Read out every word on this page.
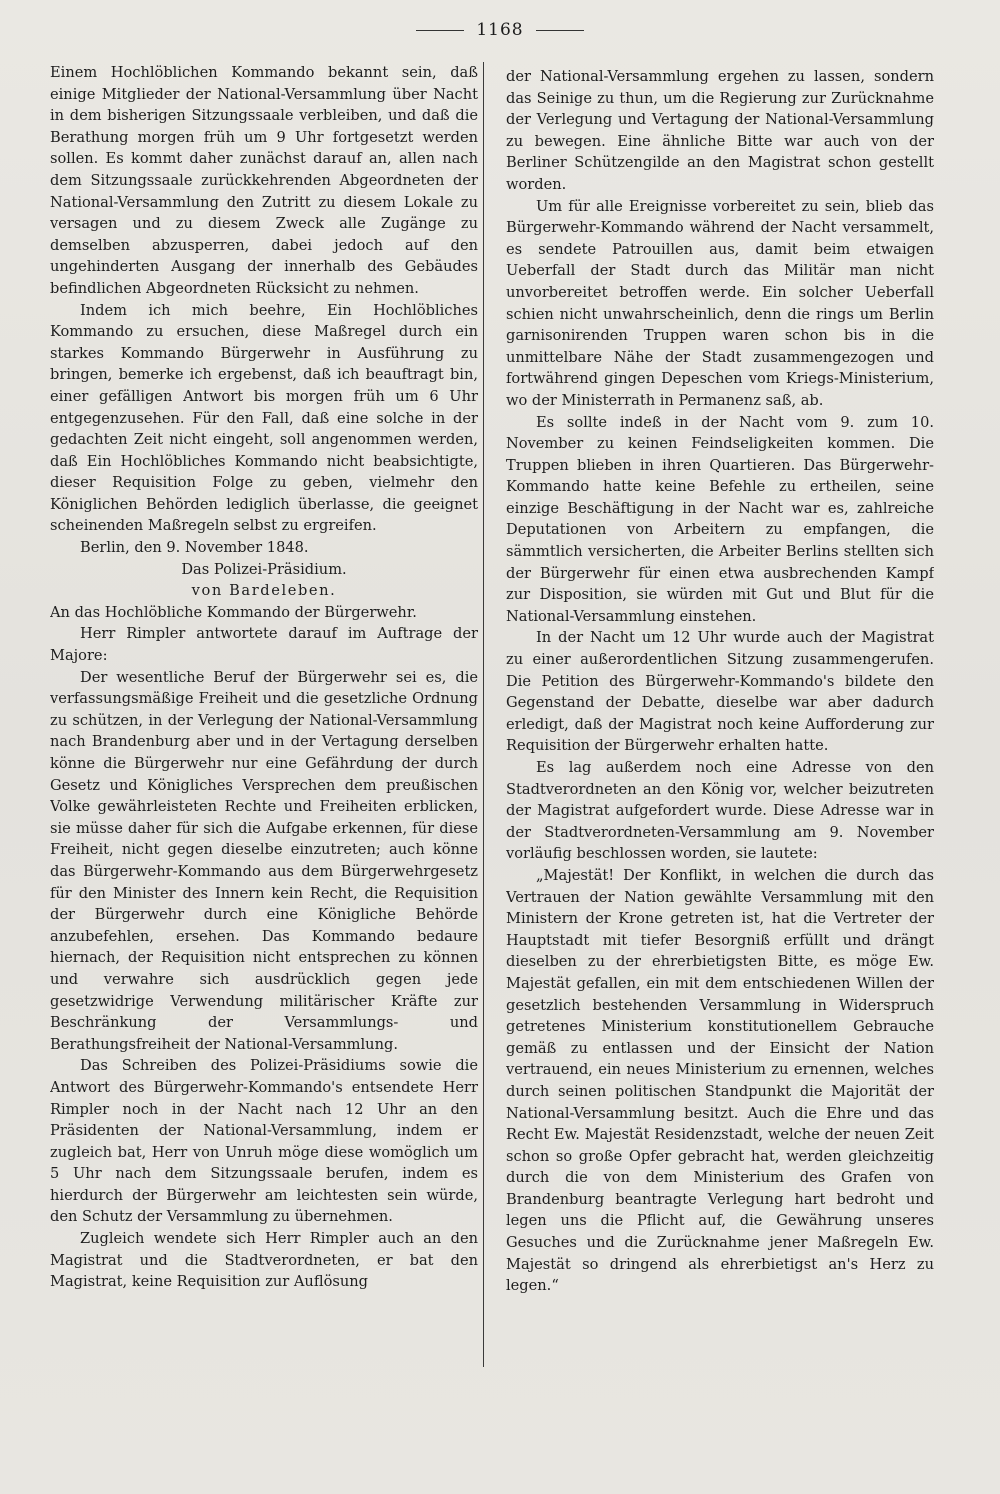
1168

Einem Hochlöblichen Kommando bekannt sein, daß einige Mitglieder der National-Versammlung über Nacht in dem bisherigen Sitzungssaale verbleiben, und daß die Berathung morgen früh um 9 Uhr fortgesetzt werden sollen. Es kommt daher zunächst darauf an, allen nach dem Sitzungssaale zurückkehrenden Abgeordneten der National-Versammlung den Zutritt zu diesem Lokale zu versagen und zu diesem Zweck alle Zugänge zu demselben abzusperren, dabei jedoch auf den ungehinderten Ausgang der innerhalb des Gebäudes befindlichen Abgeordneten Rücksicht zu nehmen.

Indem ich mich beehre, Ein Hochlöbliches Kommando zu ersuchen, diese Maßregel durch ein starkes Kommando Bürgerwehr in Ausführung zu bringen, bemerke ich ergebenst, daß ich beauftragt bin, einer gefälligen Antwort bis morgen früh um 6 Uhr entgegenzusehen. Für den Fall, daß eine solche in der gedachten Zeit nicht eingeht, soll angenommen werden, daß Ein Hochlöbliches Kommando nicht beabsichtigte, dieser Requisition Folge zu geben, vielmehr den Königlichen Behörden lediglich überlasse, die geeignet scheinenden Maßregeln selbst zu ergreifen.

Berlin, den 9. November 1848.

Das Polizei-Präsidium.

von Bardeleben.

An das Hochlöbliche Kommando der Bürgerwehr.

Herr Rimpler antwortete darauf im Auftrage der Majore:

Der wesentliche Beruf der Bürgerwehr sei es, die verfassungsmäßige Freiheit und die gesetzliche Ordnung zu schützen, in der Verlegung der National-Versammlung nach Brandenburg aber und in der Vertagung derselben könne die Bürgerwehr nur eine Gefährdung der durch Gesetz und Königliches Versprechen dem preußischen Volke gewährleisteten Rechte und Freiheiten erblicken, sie müsse daher für sich die Aufgabe erkennen, für diese Freiheit, nicht gegen dieselbe einzutreten; auch könne das Bürgerwehr-Kommando aus dem Bürgerwehrgesetz für den Minister des Innern kein Recht, die Requisition der Bürgerwehr durch eine Königliche Behörde anzubefehlen, ersehen. Das Kommando bedaure hiernach, der Requisition nicht entsprechen zu können und verwahre sich ausdrücklich gegen jede gesetzwidrige Verwendung militärischer Kräfte zur Beschränkung der Versammlungs- und Berathungsfreiheit der National-Versammlung.

Das Schreiben des Polizei-Präsidiums sowie die Antwort des Bürgerwehr-Kommando's entsendete Herr Rimpler noch in der Nacht nach 12 Uhr an den Präsidenten der National-Versammlung, indem er zugleich bat, Herr von Unruh möge diese womöglich um 5 Uhr nach dem Sitzungssaale berufen, indem es hierdurch der Bürgerwehr am leichtesten sein würde, den Schutz der Versammlung zu übernehmen.

Zugleich wendete sich Herr Rimpler auch an den Magistrat und die Stadtverordneten, er bat den Magistrat, keine Requisition zur Auflösung

der National-Versammlung ergehen zu lassen, sondern das Seinige zu thun, um die Regierung zur Zurücknahme der Verlegung und Vertagung der National-Versammlung zu bewegen. Eine ähnliche Bitte war auch von der Berliner Schützengilde an den Magistrat schon gestellt worden.

Um für alle Ereignisse vorbereitet zu sein, blieb das Bürgerwehr-Kommando während der Nacht versammelt, es sendete Patrouillen aus, damit beim etwaigen Ueberfall der Stadt durch das Militär man nicht unvorbereitet betroffen werde. Ein solcher Ueberfall schien nicht unwahrscheinlich, denn die rings um Berlin garnisonirenden Truppen waren schon bis in die unmittelbare Nähe der Stadt zusammengezogen und fortwährend gingen Depeschen vom Kriegs-Ministerium, wo der Ministerrath in Permanenz saß, ab.

Es sollte indeß in der Nacht vom 9. zum 10. November zu keinen Feindseligkeiten kommen. Die Truppen blieben in ihren Quartieren. Das Bürgerwehr-Kommando hatte keine Befehle zu ertheilen, seine einzige Beschäftigung in der Nacht war es, zahlreiche Deputationen von Arbeitern zu empfangen, die sämmtlich versicherten, die Arbeiter Berlins stellten sich der Bürgerwehr für einen etwa ausbrechenden Kampf zur Disposition, sie würden mit Gut und Blut für die National-Versammlung einstehen.

In der Nacht um 12 Uhr wurde auch der Magistrat zu einer außerordentlichen Sitzung zusammengerufen. Die Petition des Bürgerwehr-Kommando's bildete den Gegenstand der Debatte, dieselbe war aber dadurch erledigt, daß der Magistrat noch keine Aufforderung zur Requisition der Bürgerwehr erhalten hatte.

Es lag außerdem noch eine Adresse von den Stadtverordneten an den König vor, welcher beizutreten der Magistrat aufgefordert wurde. Diese Adresse war in der Stadtverordneten-Versammlung am 9. November vorläufig beschlossen worden, sie lautete:

„Majestät! Der Konflikt, in welchen die durch das Vertrauen der Nation gewählte Versammlung mit den Ministern der Krone getreten ist, hat die Vertreter der Hauptstadt mit tiefer Besorgniß erfüllt und drängt dieselben zu der ehrerbietigsten Bitte, es möge Ew. Majestät gefallen, ein mit dem entschiedenen Willen der gesetzlich bestehenden Versammlung in Widerspruch getretenes Ministerium konstitutionellem Gebrauche gemäß zu entlassen und der Einsicht der Nation vertrauend, ein neues Ministerium zu ernennen, welches durch seinen politischen Standpunkt die Majorität der National-Versammlung besitzt. Auch die Ehre und das Recht Ew. Majestät Residenzstadt, welche der neuen Zeit schon so große Opfer gebracht hat, werden gleichzeitig durch die von dem Ministerium des Grafen von Brandenburg beantragte Verlegung hart bedroht und legen uns die Pflicht auf, die Gewährung unseres Gesuches und die Zurücknahme jener Maßregeln Ew. Majestät so dringend als ehrerbietigst an's Herz zu legen.“
